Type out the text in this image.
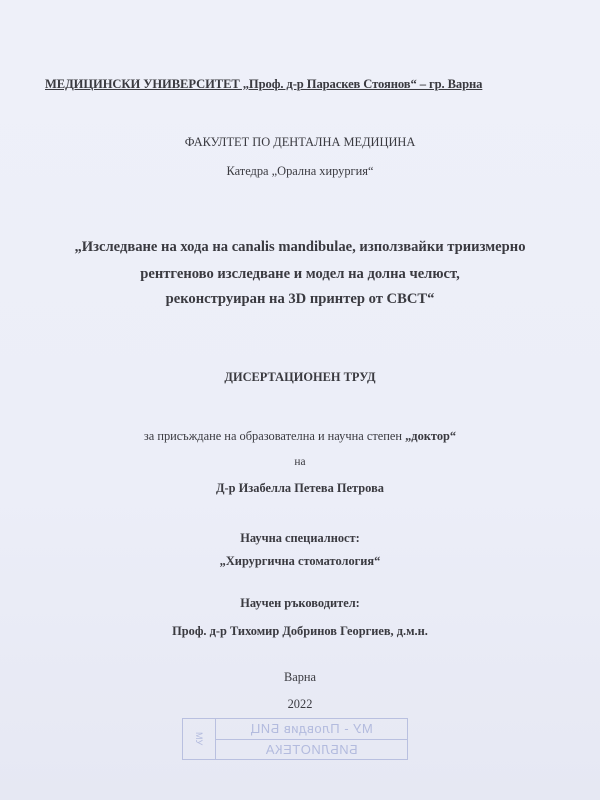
МЕДИЦИНСКИ УНИВЕРСИТЕТ „Проф. д-р Параскев Стоянов“ – гр. Варна
ФАКУЛТЕТ ПО ДЕНТАЛНА МЕДИЦИНА
Катедра „Орална хирургия“
„Изследване на хода на canalis mandibulae, използвайки триизмерно
рентгеново изследване и модел на долна челюст,
реконструиран на 3D принтер от CBCT“
ДИСЕРТАЦИОНЕН ТРУД
за присъждане на образователна и научна степен „доктор“
на
Д-р Изабелла Петева Петрова
Научна специалност:
„Хирургична стоматология“
Научен ръководител:
Проф. д-р Тихомир Добринов Георгиев, д.м.н.
Варна
2022
МУ
МУ - Пловдив БИЦ
БИБЛИОТЕКА
